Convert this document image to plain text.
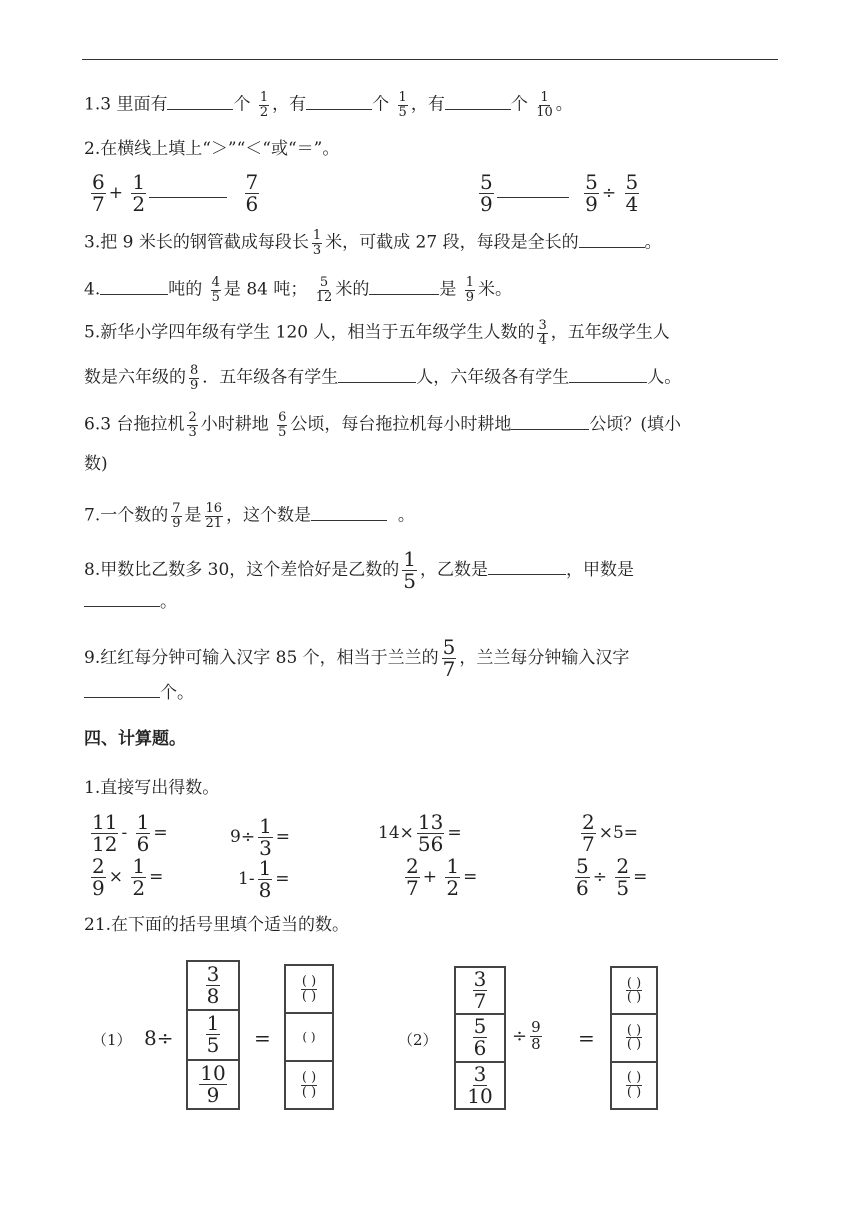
1.3 里面有	个 $\frac{1}{2}$ ，有	个 $\frac{1}{5}$ ，有	个 $\frac{1}{10}$ 。
2.在横线上填上“＞”“＜“或“＝”。
$\frac{6}{7} + \frac{1}{2}$
	$\frac{7}{6}$	$\frac{5}{9}$
	$\frac{5}{9} \div \frac{5}{4}$
3.把 9 米长的钢管截成每段长 $\frac{1}{3}$ 米，可截成 27 段，每段是全长的	。
4.	吨的 $\frac{4}{5}$ 是 84 吨； $\frac{5}{12}$ 米的	是 $\frac{1}{9}$ 米。
5.新华小学四年级有学生 120 人，相当于五年级学生人数的 $\frac{3}{4}$ ，五年级学生人
数是六年级的 $\frac{8}{9}$ ．五年级各有学生	人，六年级各有学生	人。
6.3 台拖拉机 $\frac{2}{3}$ 小时耕地 $\frac{6}{5}$ 公顷，每台拖拉机每小时耕地	公顷？(填小
数)
7.一个数的 $\frac{7}{9}$ 是 $\frac{16}{21}$ ，这个数是	。
8.甲数比乙数多 30，这个差恰好是乙数的 $\frac{1}{5}$ ，乙数是	，甲数是
。
9.红红每分钟可输入汉字 85 个，相当于兰兰的 $\frac{5}{7}$ ，兰兰每分钟输入汉字
个。
四、计算题。
1.直接写出得数。
$\frac{11}{12} - \frac{1}{6}$ =	$9\div \frac{1}{3}$ =	$14\times \frac{13}{56}$ =	$\frac{2}{7} \times 5=$
$\frac{2}{9} \times \frac{1}{2}$ =	$1- \frac{1}{8}$ =	$\frac{2}{7} + \frac{1}{2}$ =	$\frac{5}{6} \div \frac{2}{5}$ =
21.在下面的括号里填个适当的数。
（1） 8÷
$\frac{3}{8}$
$\frac{1}{5}$
$\frac{10}{9}$
=
$\frac{( )}{( )}$
( )
$\frac{( )}{( )}$
（2）
$\frac{3}{7}$
$\frac{5}{6}$
$\frac{3}{10}$
÷ $\frac{9}{8}$ =
$\frac{( )}{( )}$
$\frac{( )}{( )}$
$\frac{( )}{( )}$
